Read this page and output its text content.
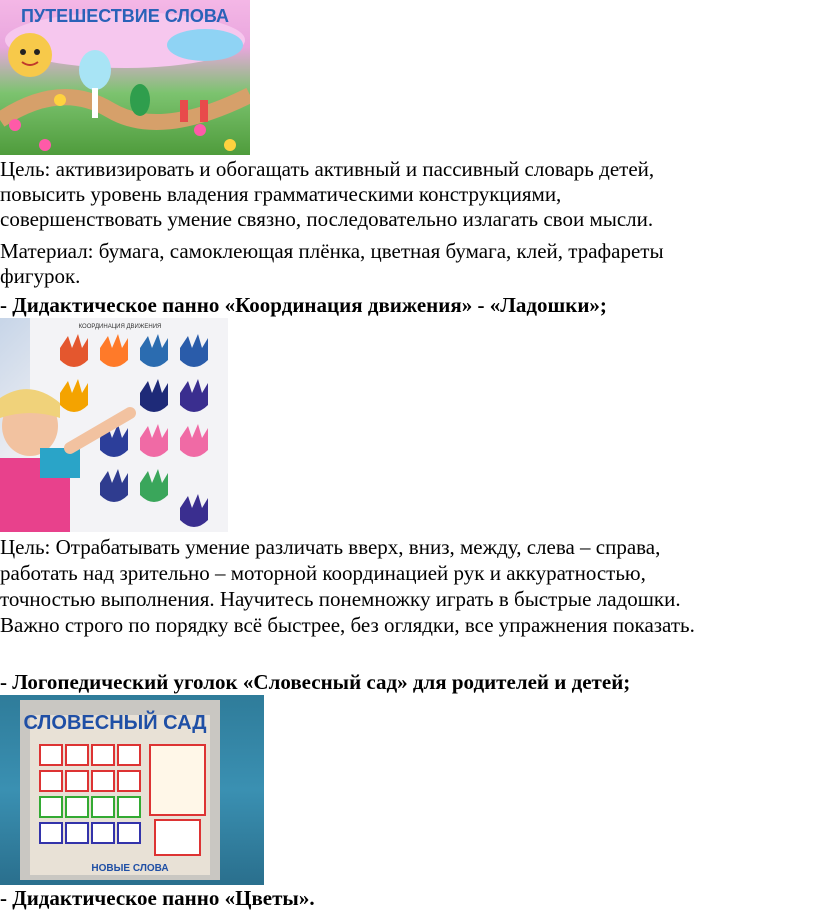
ПУТЕШЕСТВИЕ СЛОВА
Цель: активизировать и обогащать активный и пассивный словарь детей,
повысить уровень владения грамматическими конструкциями,
совершенствовать умение связно, последовательно излагать свои мысли.
Материал: бумага, самоклеющая плёнка, цветная бумага, клей, трафареты
фигурок.
- Дидактическое панно «Координация движения» - «Ладошки»;
КООРДИНАЦИЯ ДВИЖЕНИЯ
Цель: Отрабатывать умение различать вверх, вниз, между, слева – справа,
работать над зрительно – моторной координацией рук и аккуратностью,
точностью выполнения. Научитесь понемножку играть в быстрые ладошки.
Важно строго по порядку всё быстрее, без оглядки, все упражнения показать.
- Логопедический уголок «Словесный сад» для родителей и детей;
СЛОВЕСНЫЙ САД
НОВЫЕ СЛОВА
- Дидактическое панно «Цветы».
